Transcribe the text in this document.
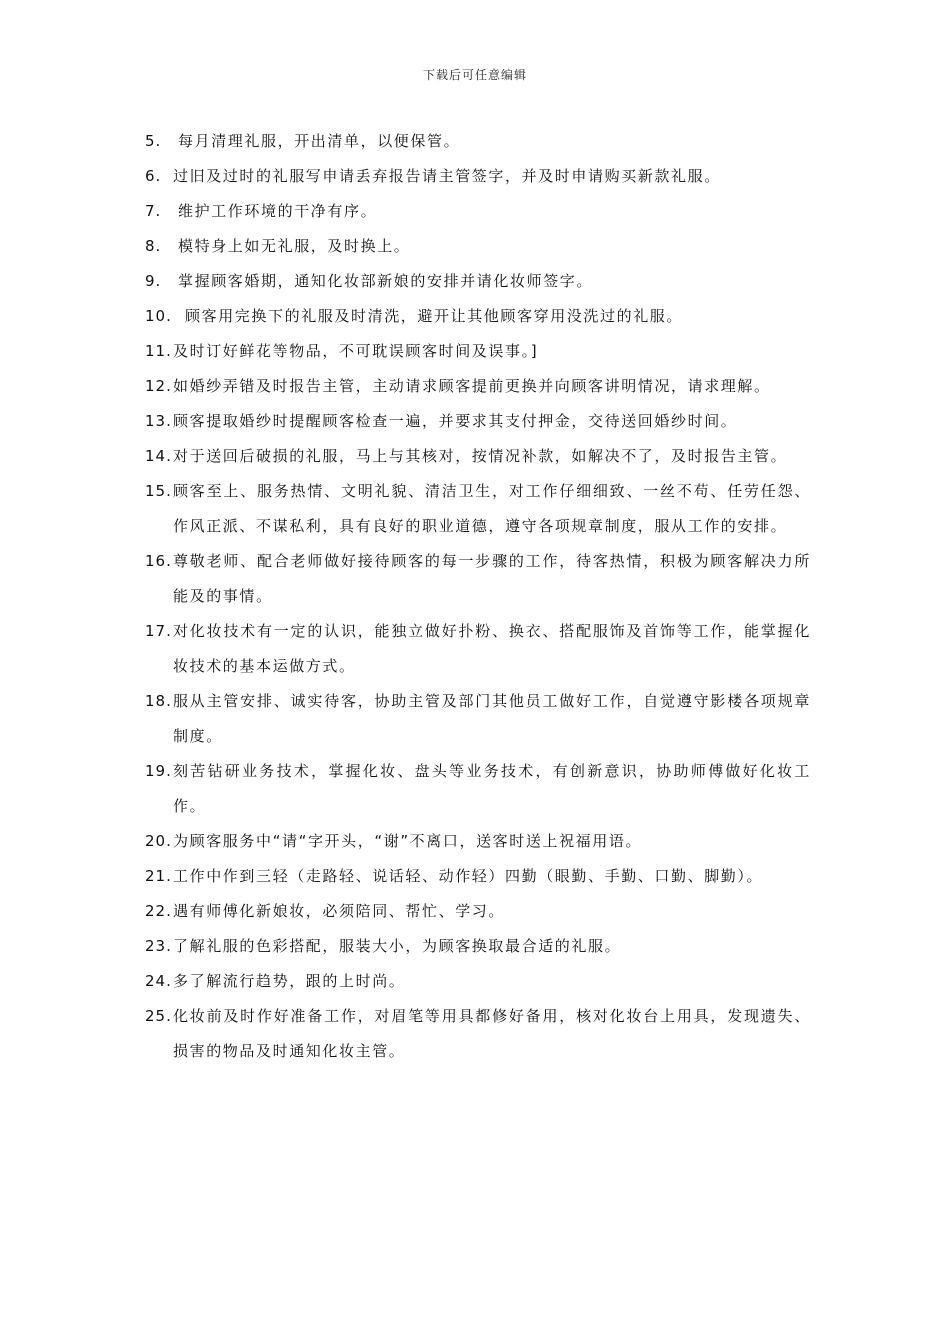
下载后可任意编辑
5.	每月清理礼服，开出清单，以便保管。
6. 过旧及过时的礼服写申请丢弃报告请主管签字，并及时申请购买新款礼服。
7.	维护工作环境的干净有序。
8.	模特身上如无礼服，及时换上。
9.	掌握顾客婚期，通知化妆部新娘的安排并请化妆师签字。
10. 顾客用完换下的礼服及时清洗，避开让其他顾客穿用没洗过的礼服。
11. 及时订好鲜花等物品，不可耽误顾客时间及误事。]
12. 如婚纱弄错及时报告主管，主动请求顾客提前更换并向顾客讲明情况，请求理解。
13. 顾客提取婚纱时提醒顾客检查一遍，并要求其支付押金，交待送回婚纱时间。
14. 对于送回后破损的礼服，马上与其核对，按情况补款，如解决不了，及时报告主管。
15. 顾客至上、服务热情、文明礼貌、清洁卫生，对工作仔细细致、一丝不苟、任劳任怨、作风正派、不谋私利，具有良好的职业道德，遵守各项规章制度，服从工作的安排。
16. 尊敬老师、配合老师做好接待顾客的每一步骤的工作，待客热情，积极为顾客解决力所能及的事情。
17. 对化妆技术有一定的认识，能独立做好扑粉、换衣、搭配服饰及首饰等工作，能掌握化妆技术的基本运做方式。
18. 服从主管安排、诚实待客，协助主管及部门其他员工做好工作，自觉遵守影楼各项规章制度。
19. 刻苦钻研业务技术，掌握化妆、盘头等业务技术，有创新意识，协助师傅做好化妆工作。
20. 为顾客服务中“请“字开头，“谢”不离口，送客时送上祝福用语。
21. 工作中作到三轻（走路轻、说话轻、动作轻）四勤（眼勤、手勤、口勤、脚勤）。
22. 遇有师傅化新娘妆，必须陪同、帮忙、学习。
23. 了解礼服的色彩搭配，服装大小，为顾客换取最合适的礼服。
24. 多了解流行趋势，跟的上时尚。
25. 化妆前及时作好准备工作，对眉笔等用具都修好备用，核对化妆台上用具，发现遗失、损害的物品及时通知化妆主管。
